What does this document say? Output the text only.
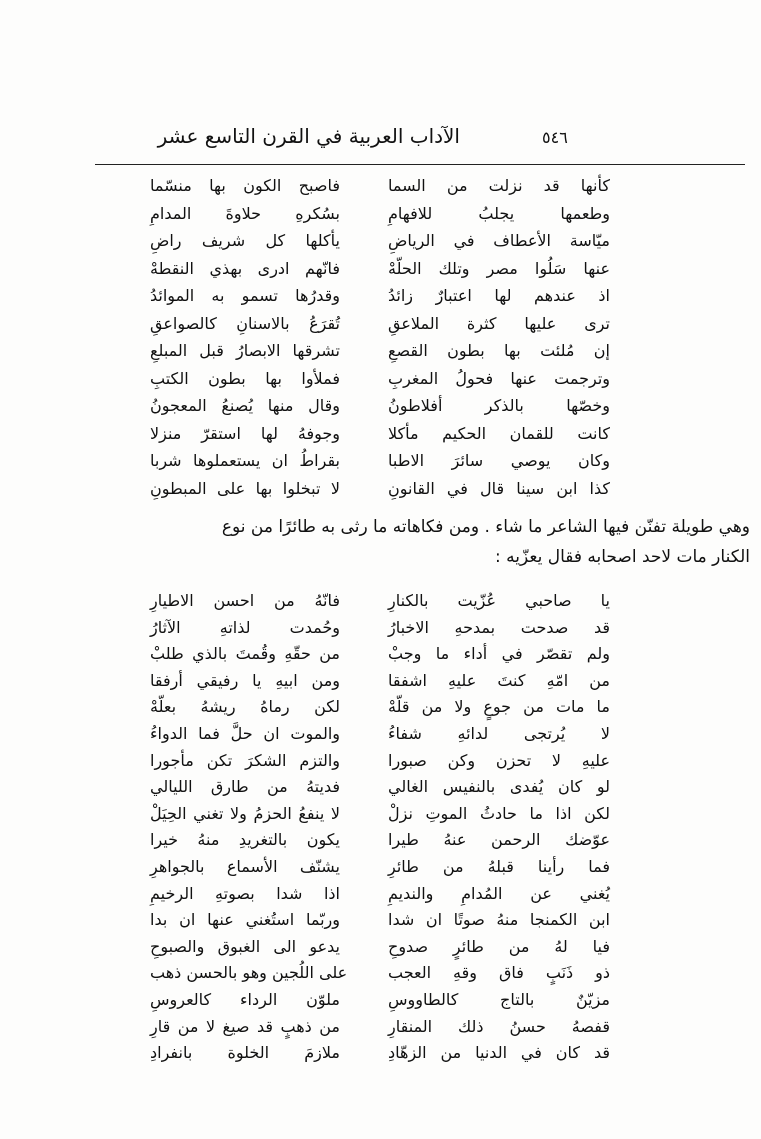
٥٤٦
الآداب العربية في القرن التاسع عشر
كأنها قد نزلت من السما
فاصبح الكون بها منسّما
وطعمها يجلبُ للافهامِ
بسُكرهِ حلاوةَ المدامِ
ميّاسة الأعطاف في الرياضِ
يأكلها كل شريف راضِ
عنها سَلُوا مصر وتلك الحلّهْ
فانّهم ادرى بهذي النقطهْ
اذ عندهم لها اعتبارٌ زائدُ
وقدرُها تسمو به الموائدُ
ترى عليها كثرة الملاعقِ
تُقرَعُ بالاسنانِ كالصواعقِ
إن مُلئت بها بطون القصعِ
تشرقها الابصارُ قبل المبلعِ
وترجمت عنها فحولُ المغربِ
فملأوا بها بطون الكتبِ
وخصّها بالذكر أفلاطونُ
وقال منها يُصنعُ المعجونُ
كانت للقمان الحكيم مأكلا
وجوفهُ لها استقرّ منزلا
وكان يوصي سائرَ الاطبا
بقراطُ ان يستعملوها شربا
كذا ابن سينا قال في القانونِ
لا تبخلوا بها على المبطونِ

وهي طويلة تفنّن فيها الشاعر ما شاء . ومن فكاهاته ما رثى به طائرًا من نوع

الكنار مات لاحد اصحابه فقال يعزّيه :

يا صاحبي عُزّيت بالكنارِ
فانّهُ من احسن الاطيارِ
قد صدحت بمدحهِ الاخبارُ
وحُمدت لذاتهِ الآثارُ
ولم تقصّر في أداء ما وجبْ
من حقّهِ وقُمتَ بالذي طلبْ
من امّهِ كنتَ عليهِ اشفقا
ومن ابيهِ يا رفيقي أرفقا
ما مات من جوعٍ ولا من قلّهْ
لكن رماهُ ريشهُ بعلّهْ
لا يُرتجى لدائهِ شفاءُ
والموت ان حلَّ فما الدواءُ
عليهِ لا تحزن وكن صبورا
والتزم الشكرَ تكن مأجورا
لو كان يُفدى بالنفيس الغالي
فديتهُ من طارق الليالي
لكن اذا ما حادثُ الموتِ نزلْ
لا ينفعُ الحزمُ ولا تغني الحِيَلْ
عوّضك الرحمن عنهُ طيرا
يكون بالتغريدِ منهُ خيرا
فما رأينا قبلهُ من طائرِ
يشنّف الأسماع بالجواهرِ
يُغني عن المُدامِ والنديمِ
اذا شدا بصوتهِ الرخيمِ
ابن الكمنجا منهُ صوتًا ان شدا
وربّما استُغني عنها ان بدا
فيا لهُ من طائرٍ صدوحِ
يدعو الى الغبوق والصبوحِ
ذو ذَنَبٍ فاق وقهِ العجب
على اللُجين وهو بالحسن ذهب
مزيّنٌ بالتاج كالطاووسِ
ملوّن الرداء كالعروسِ
قفصهُ حسنُ ذلك المنقارِ
من ذهبٍ قد صيغ لا من قارِ
قد كان في الدنيا من الزهّادِ
ملازمَ الخلوة بانفرادِ
